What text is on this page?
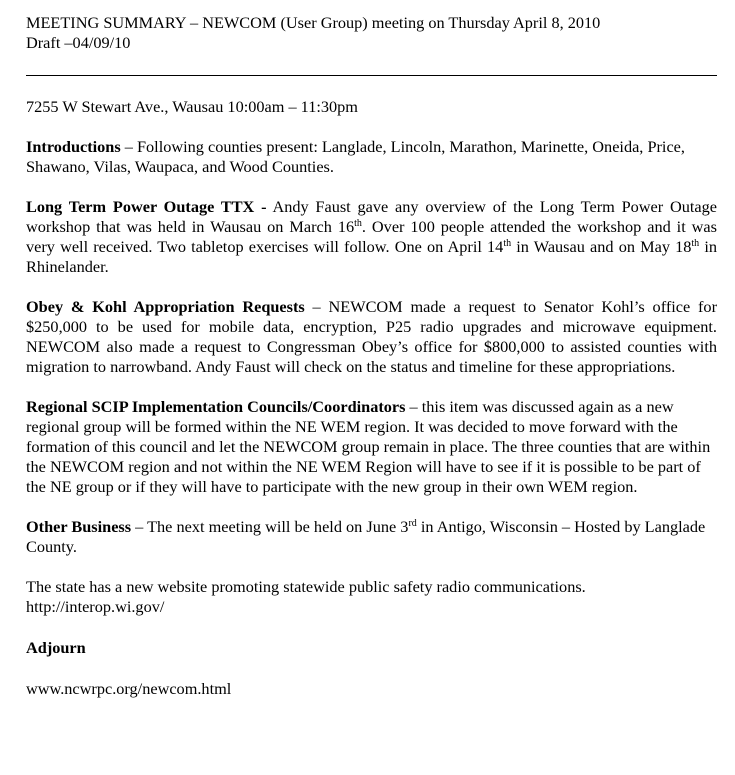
MEETING SUMMARY – NEWCOM (User Group) meeting on Thursday April 8, 2010
Draft –04/09/10

7255 W Stewart Ave., Wausau 10:00am – 11:30pm

Introductions – Following counties present: Langlade, Lincoln, Marathon, Marinette, Oneida, Price, Shawano, Vilas, Waupaca, and Wood Counties.

Long Term Power Outage TTX - Andy Faust gave any overview of the Long Term Power Outage workshop that was held in Wausau on March 16th. Over 100 people attended the workshop and it was very well received. Two tabletop exercises will follow. One on April 14th in Wausau and on May 18th in Rhinelander.

Obey & Kohl Appropriation Requests – NEWCOM made a request to Senator Kohl’s office for $250,000 to be used for mobile data, encryption, P25 radio upgrades and microwave equipment. NEWCOM also made a request to Congressman Obey’s office for $800,000 to assisted counties with migration to narrowband. Andy Faust will check on the status and timeline for these appropriations.

Regional SCIP Implementation Councils/Coordinators – this item was discussed again as a new regional group will be formed within the NE WEM region. It was decided to move forward with the formation of this council and let the NEWCOM group remain in place. The three counties that are within the NEWCOM region and not within the NE WEM Region will have to see if it is possible to be part of the NE group or if they will have to participate with the new group in their own WEM region.

Other Business – The next meeting will be held on June 3rd in Antigo, Wisconsin – Hosted by Langlade County.

The state has a new website promoting statewide public safety radio communications.
http://interop.wi.gov/

Adjourn

www.ncwrpc.org/newcom.html
